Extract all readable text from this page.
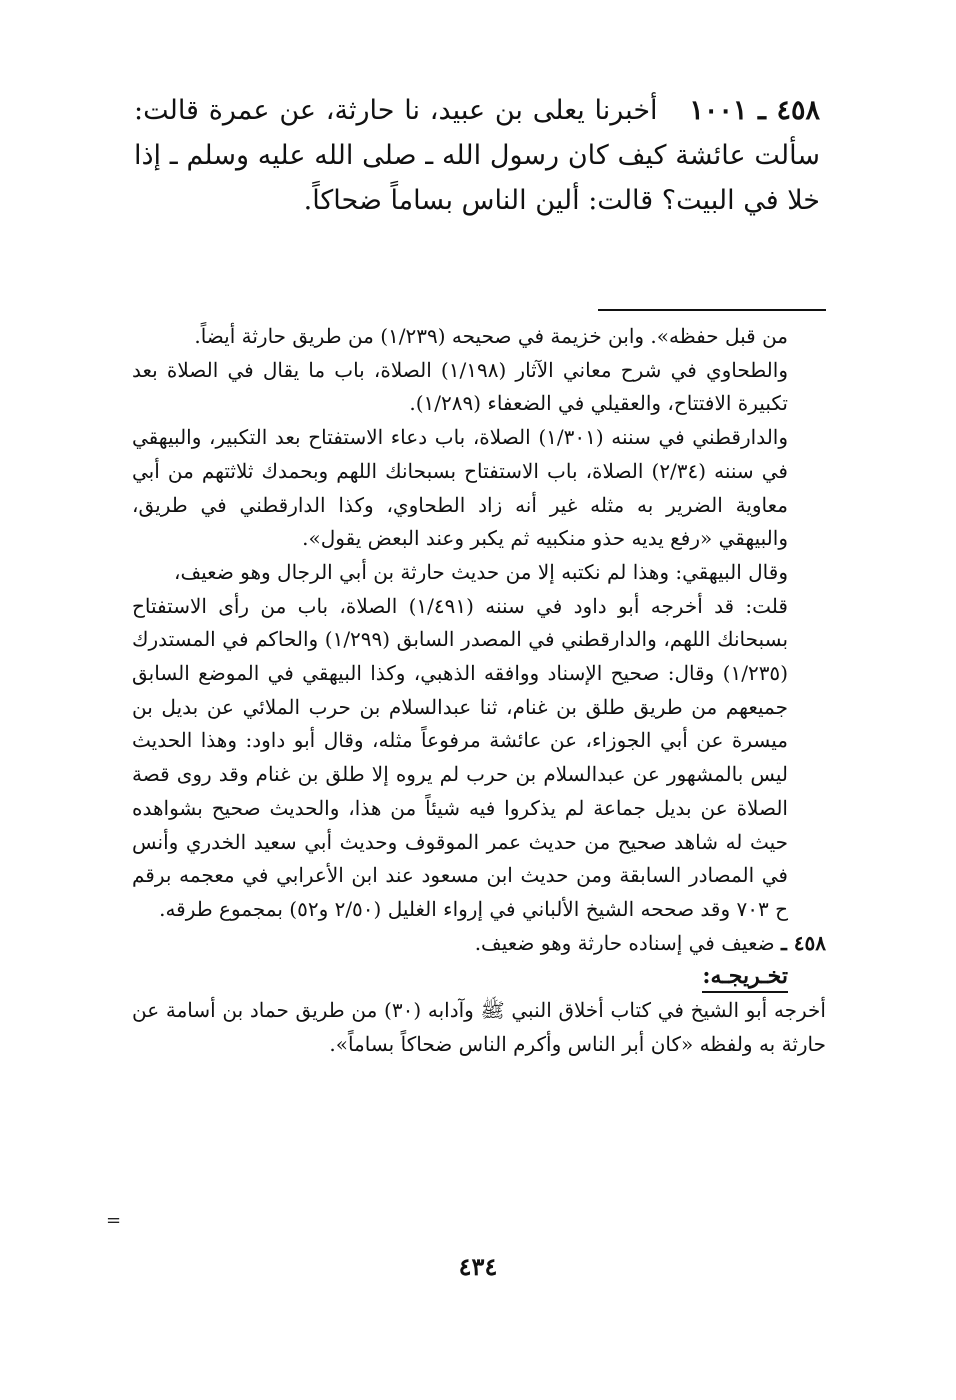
٤٥٨ ـ ١٠٠١ أخبرنا يعلى بن عبيد، نا حارثة، عن عمرة قالت: سألت عائشة كيف كان رسول الله ـ صلى الله عليه وسلم ـ إذا خلا في البيت؟ قالت: ألين الناس بساماً ضحاكاً.

من قبل حفظه». وابن خزيمة في صحيحه (١/٢٣٩) من طريق حارثة أيضاً.

والطحاوي في شرح معاني الآثار (١/١٩٨) الصلاة، باب ما يقال في الصلاة بعد تكبيرة الافتتاح، والعقيلي في الضعفاء (١/٢٨٩).

والدارقطني في سننه (١/٣٠١) الصلاة، باب دعاء الاستفتاح بعد التكبير، والبيهقي في سننه (٢/٣٤) الصلاة، باب الاستفتاح بسبحانك اللهم وبحمدك ثلاثتهم من أبي معاوية الضرير به مثله غير أنه زاد الطحاوي، وكذا الدارقطني في طريق، والبيهقي «رفع يديه حذو منكبيه ثم يكبر وعند البعض يقول».

وقال البيهقي: وهذا لم نكتبه إلا من حديث حارثة بن أبي الرجال وهو ضعيف،

قلت: قد أخرجه أبو داود في سننه (١/٤٩١) الصلاة، باب من رأى الاستفتاح بسبحانك اللهم، والدارقطني في المصدر السابق (١/٢٩٩) والحاكم في المستدرك (١/٢٣٥) وقال: صحيح الإسناد ووافقه الذهبي، وكذا البيهقي في الموضع السابق جميعهم من طريق طلق بن غنام، ثنا عبدالسلام بن حرب الملائي عن بديل بن ميسرة عن أبي الجوزاء، عن عائشة مرفوعاً مثله، وقال أبو داود: وهذا الحديث ليس بالمشهور عن عبدالسلام بن حرب لم يروه إلا طلق بن غنام وقد روى قصة الصلاة عن بديل جماعة لم يذكروا فيه شيئاً من هذا، والحديث صحيح بشواهده حيث له شاهد صحيح من حديث عمر الموقوف وحديث أبي سعيد الخدري وأنس في المصادر السابقة ومن حديث ابن مسعود عند ابن الأعرابي في معجمه برقم ح ٧٠٣ وقد صححه الشيخ الألباني في إرواء الغليل (٢/٥٠ و٥٢) بمجموع طرقه.

٤٥٨ ـ ضعيف في إسناده حارثة وهو ضعيف.

تخـريجـه:

أخرجه أبو الشيخ في كتاب أخلاق النبي ﷺ وآدابه (٣٠) من طريق حماد بن أسامة عن حارثة به ولفظه «كان أبر الناس وأكرم الناس ضحاكاً بساماً».

=
٤٣٤
